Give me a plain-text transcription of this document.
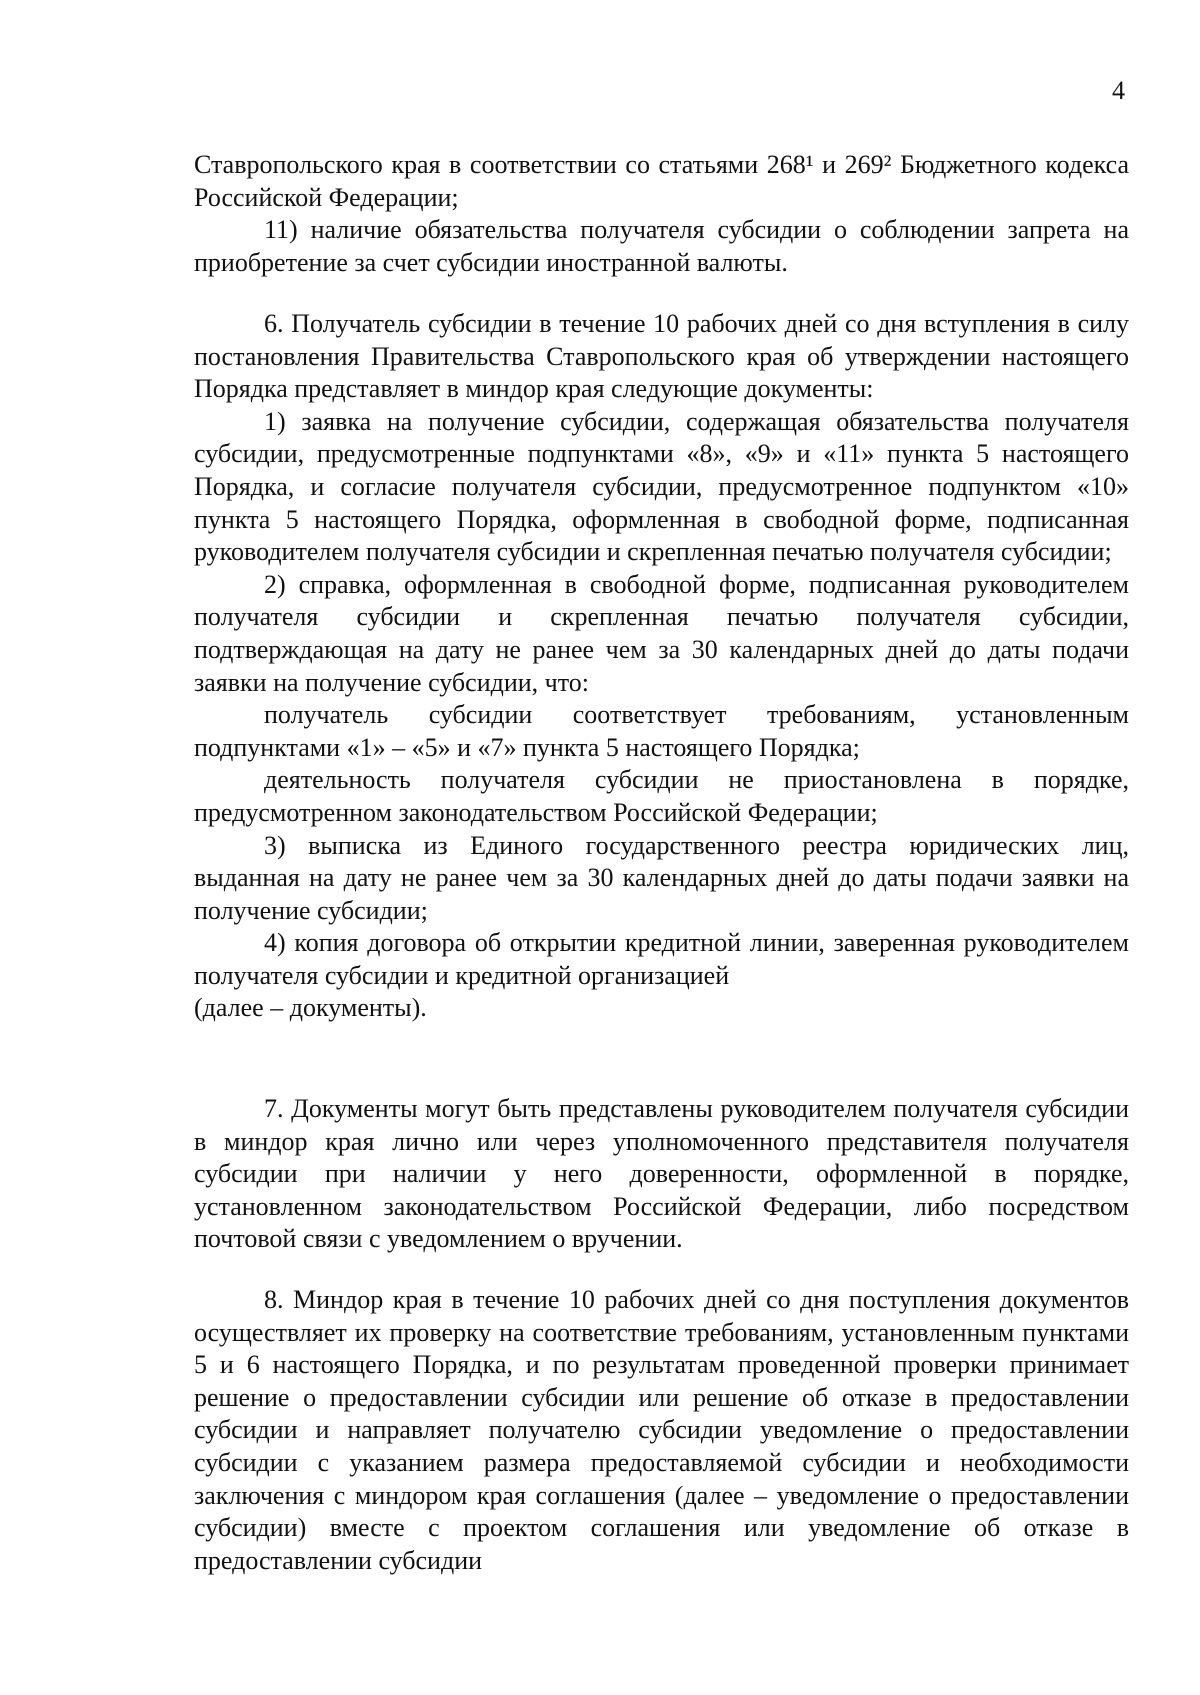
4

Ставропольского края в соответствии со статьями 268¹ и 269² Бюджетного кодекса Российской Федерации;

11) наличие обязательства получателя субсидии о соблюдении запрета на приобретение за счет субсидии иностранной валюты.

6. Получатель субсидии в течение 10 рабочих дней со дня вступления в силу постановления Правительства Ставропольского края об утверждении настоящего Порядка представляет в миндор края следующие документы:

1) заявка на получение субсидии, содержащая обязательства получателя субсидии, предусмотренные подпунктами «8», «9» и «11» пункта 5 настоящего Порядка, и согласие получателя субсидии, предусмотренное подпунктом «10» пункта 5 настоящего Порядка, оформленная в свободной форме, подписанная руководителем получателя субсидии и скрепленная печатью получателя субсидии;

2) справка, оформленная в свободной форме, подписанная руководителем получателя субсидии и скрепленная печатью получателя субсидии, подтверждающая на дату не ранее чем за 30 календарных дней до даты подачи заявки на получение субсидии, что:

получатель субсидии соответствует требованиям, установленным подпунктами «1» – «5» и «7» пункта 5 настоящего Порядка;

деятельность получателя субсидии не приостановлена в порядке, предусмотренном законодательством Российской Федерации;

3) выписка из Единого государственного реестра юридических лиц, выданная на дату не ранее чем за 30 календарных дней до даты подачи заявки на получение субсидии;

4) копия договора об открытии кредитной линии, заверенная руководителем получателя субсидии и кредитной организацией

(далее – документы).

7. Документы могут быть представлены руководителем получателя субсидии в миндор края лично или через уполномоченного представителя получателя субсидии при наличии у него доверенности, оформленной в порядке, установленном законодательством Российской Федерации, либо посредством почтовой связи с уведомлением о вручении.

8. Миндор края в течение 10 рабочих дней со дня поступления документов осуществляет их проверку на соответствие требованиям, установленным пунктами 5 и 6 настоящего Порядка, и по результатам проведенной проверки принимает решение о предоставлении субсидии или решение об отказе в предоставлении субсидии и направляет получателю субсидии уведомление о предоставлении субсидии с указанием размера предоставляемой субсидии и необходимости заключения с миндором края соглашения (далее – уведомление о предоставлении субсидии) вместе с проектом соглашения или уведомление об отказе в предоставлении субсидии
